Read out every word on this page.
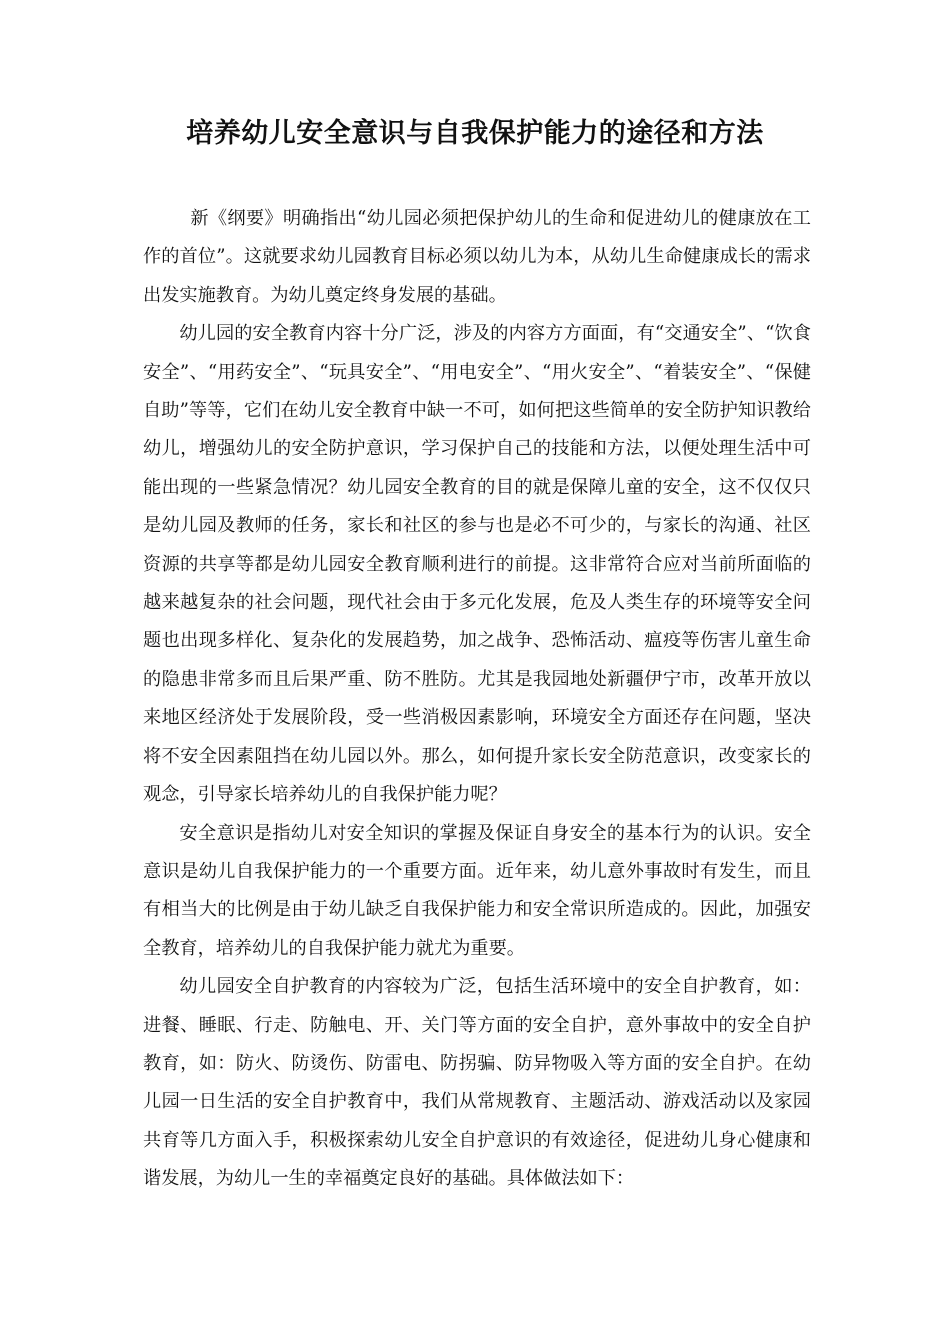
培养幼儿安全意识与自我保护能力的途径和方法

新《纲要》明确指出“幼儿园必须把保护幼儿的生命和促进幼儿的健康放在工作的首位”。这就要求幼儿园教育目标必须以幼儿为本，从幼儿生命健康成长的需求出发实施教育。为幼儿奠定终身发展的基础。

幼儿园的安全教育内容十分广泛，涉及的内容方方面面，有“交通安全”、“饮食安全”、“用药安全”、“玩具安全”、“用电安全”、“用火安全”、“着装安全”、“保健自助”等等，它们在幼儿安全教育中缺一不可，如何把这些简单的安全防护知识教给幼儿，增强幼儿的安全防护意识，学习保护自己的技能和方法，以便处理生活中可能出现的一些紧急情况？幼儿园安全教育的目的就是保障儿童的安全，这不仅仅只是幼儿园及教师的任务，家长和社区的参与也是必不可少的，与家长的沟通、社区资源的共享等都是幼儿园安全教育顺利进行的前提。这非常符合应对当前所面临的越来越复杂的社会问题，现代社会由于多元化发展，危及人类生存的环境等安全问题也出现多样化、复杂化的发展趋势，加之战争、恐怖活动、瘟疫等伤害儿童生命的隐患非常多而且后果严重、防不胜防。尤其是我园地处新疆伊宁市，改革开放以来地区经济处于发展阶段，受一些消极因素影响，环境安全方面还存在问题，坚决将不安全因素阻挡在幼儿园以外。那么，如何提升家长安全防范意识，改变家长的观念，引导家长培养幼儿的自我保护能力呢？

安全意识是指幼儿对安全知识的掌握及保证自身安全的基本行为的认识。安全意识是幼儿自我保护能力的一个重要方面。近年来，幼儿意外事故时有发生，而且有相当大的比例是由于幼儿缺乏自我保护能力和安全常识所造成的。因此，加强安全教育，培养幼儿的自我保护能力就尤为重要。

幼儿园安全自护教育的内容较为广泛，包括生活环境中的安全自护教育，如：进餐、睡眠、行走、防触电、开、关门等方面的安全自护，意外事故中的安全自护教育，如：防火、防烫伤、防雷电、防拐骗、防异物吸入等方面的安全自护。在幼儿园一日生活的安全自护教育中，我们从常规教育、主题活动、游戏活动以及家园共育等几方面入手，积极探索幼儿安全自护意识的有效途径，促进幼儿身心健康和谐发展，为幼儿一生的幸福奠定良好的基础。具体做法如下：
